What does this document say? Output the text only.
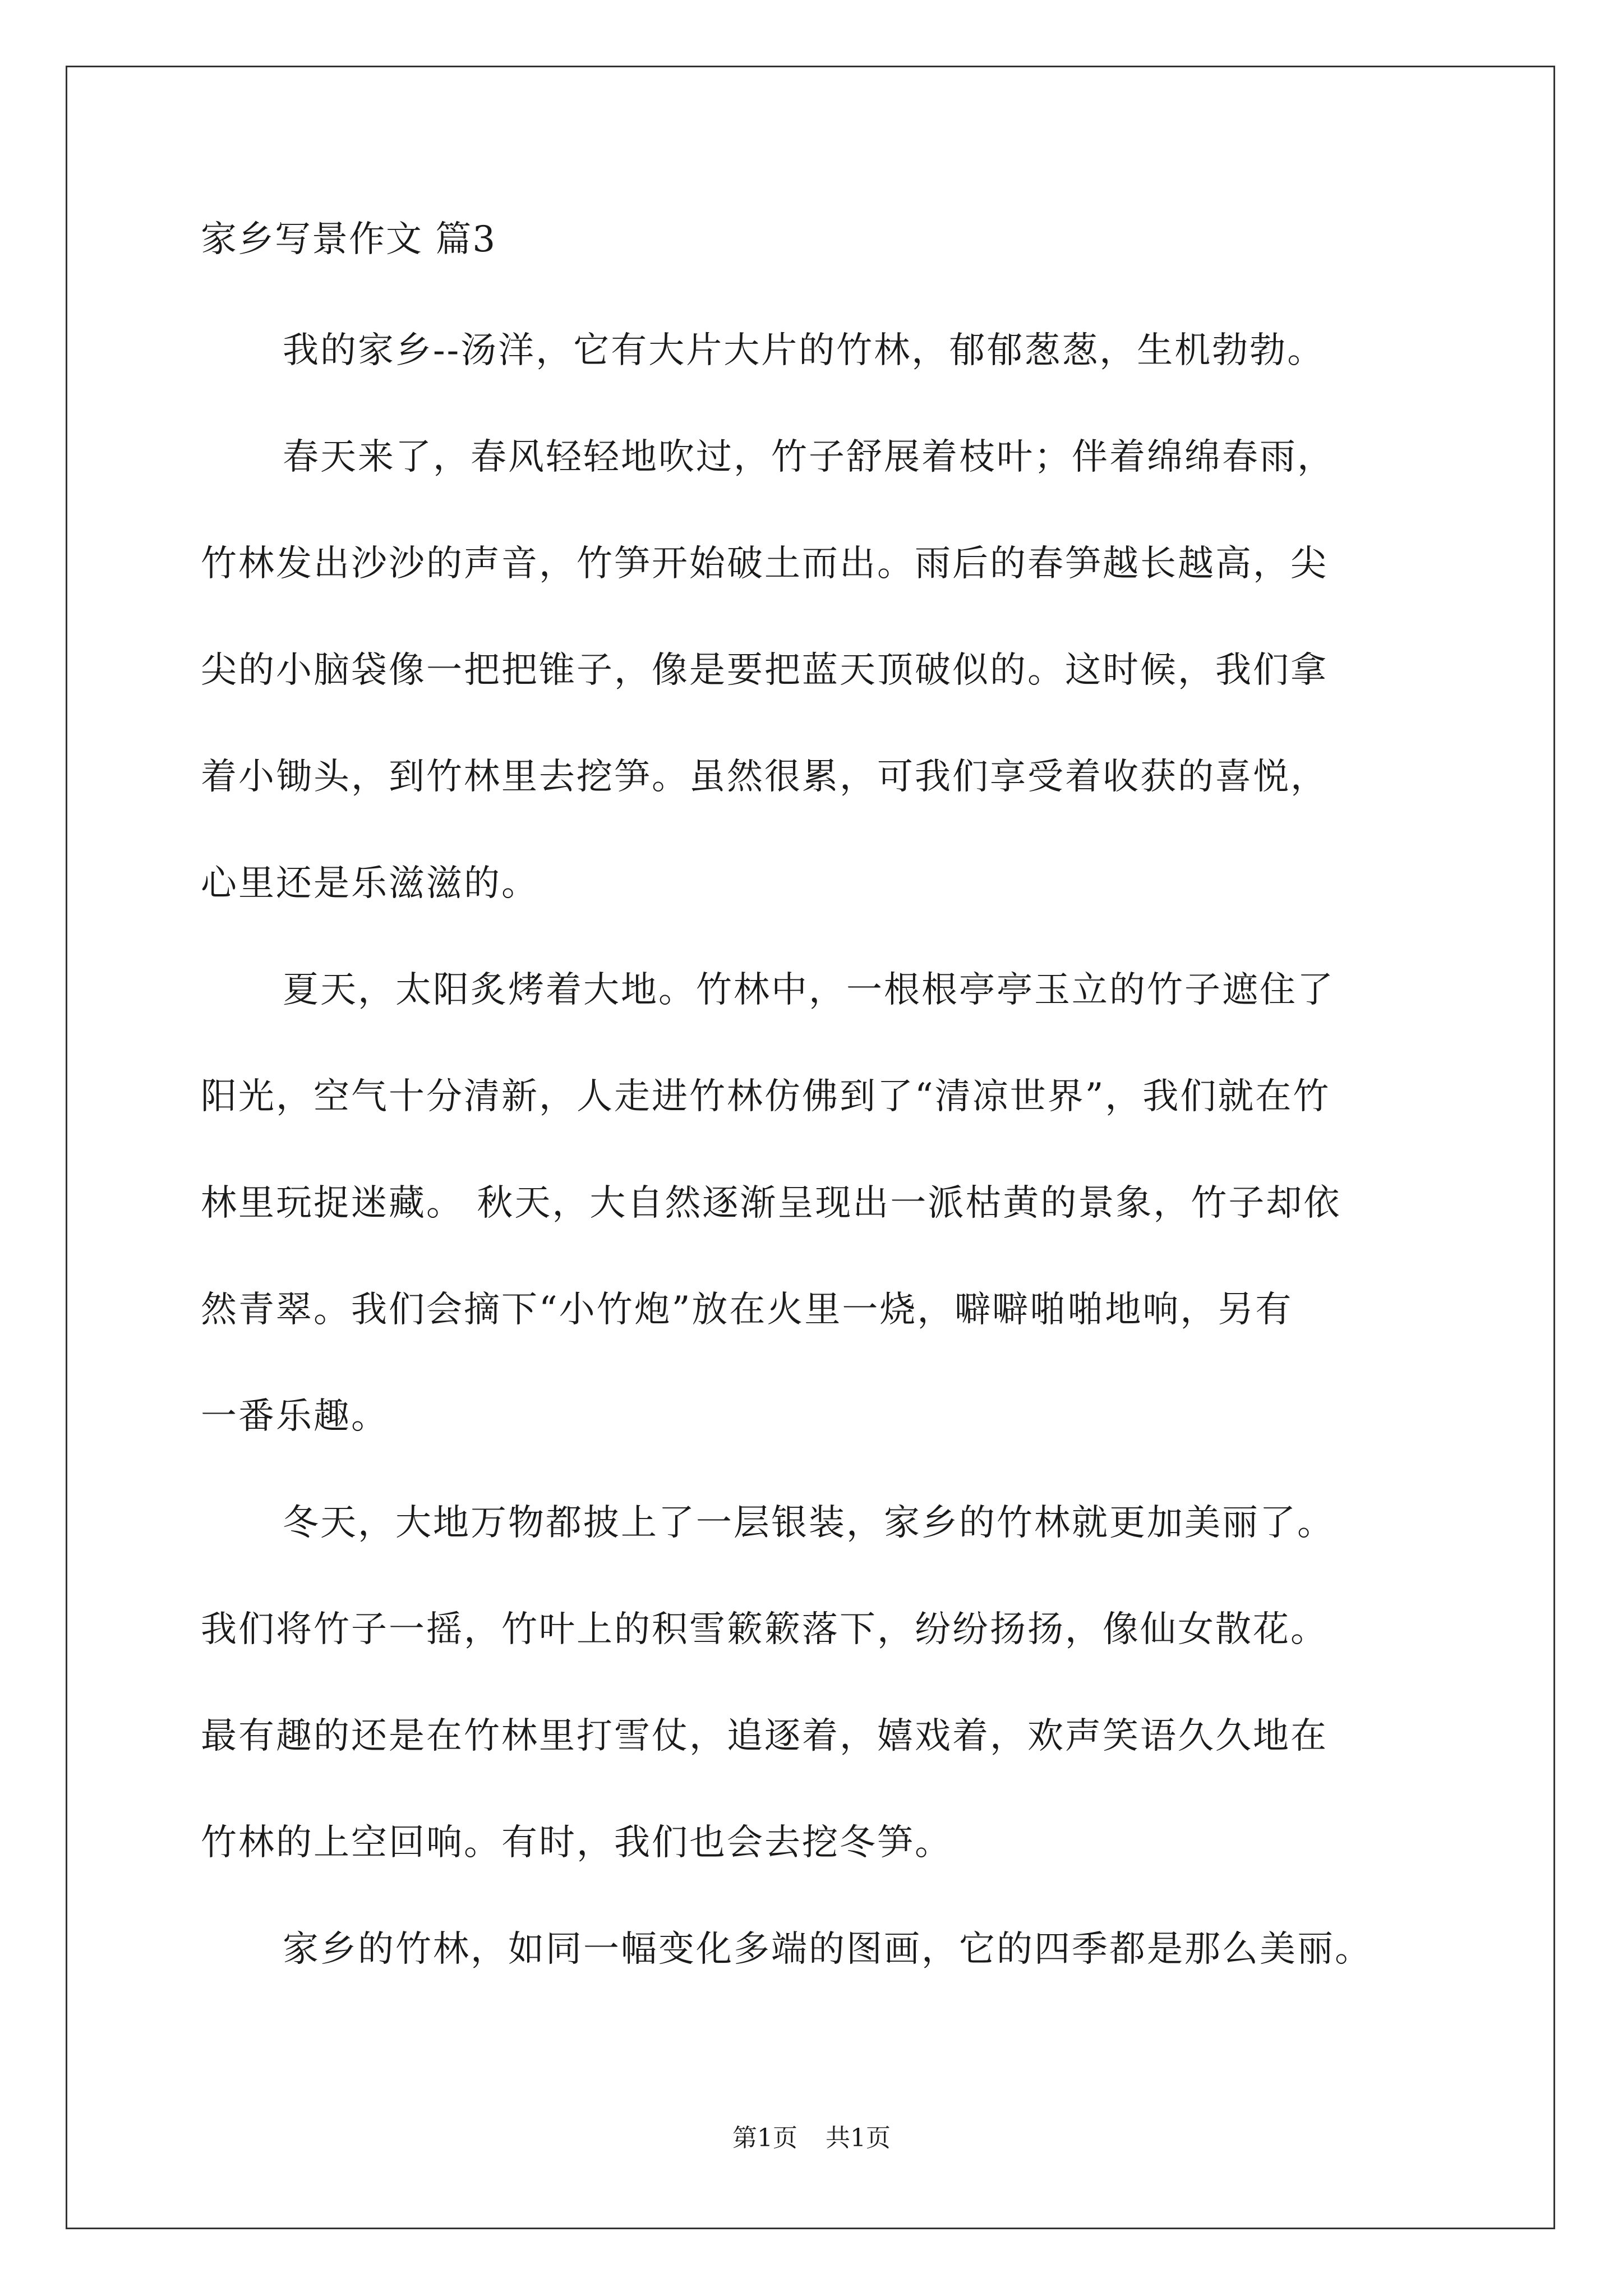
家乡写景作文 篇3
我的家乡--汤洋，它有大片大片的竹林，郁郁葱葱，生机勃勃。
春天来了，春风轻轻地吹过，竹子舒展着枝叶；伴着绵绵春雨，
竹林发出沙沙的声音，竹笋开始破土而出。雨后的春笋越长越高，尖
尖的小脑袋像一把把锥子，像是要把蓝天顶破似的。这时候，我们拿
着小锄头，到竹林里去挖笋。虽然很累，可我们享受着收获的喜悦，
心里还是乐滋滋的。
夏天，太阳炙烤着大地。竹林中，一根根亭亭玉立的竹子遮住了
阳光，空气十分清新，人走进竹林仿佛到了“清凉世界”，我们就在竹
林里玩捉迷藏。 秋天，大自然逐渐呈现出一派枯黄的景象，竹子却依
然青翠。我们会摘下“小竹炮”放在火里一烧，噼噼啪啪地响，另有
一番乐趣。
冬天，大地万物都披上了一层银装，家乡的竹林就更加美丽了。
我们将竹子一摇，竹叶上的积雪簌簌落下，纷纷扬扬，像仙女散花。
最有趣的还是在竹林里打雪仗，追逐着，嬉戏着，欢声笑语久久地在
竹林的上空回响。有时，我们也会去挖冬笋。
家乡的竹林，如同一幅变化多端的图画，它的四季都是那么美丽。
第1页 共1页
